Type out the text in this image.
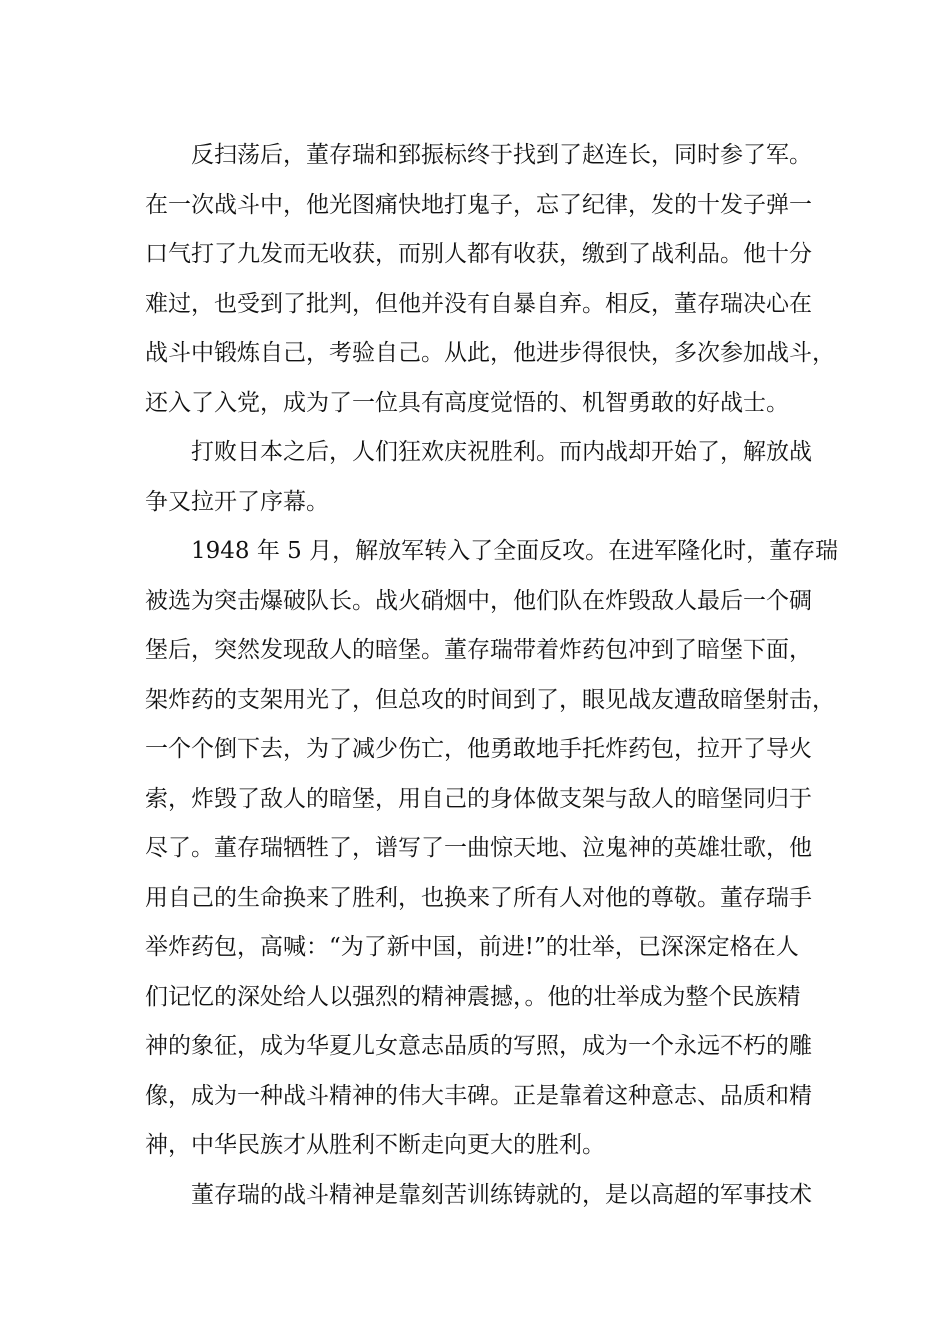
反扫荡后，董存瑞和郅振标终于找到了赵连长，同时参了军。
在一次战斗中，他光图痛快地打鬼子，忘了纪律，发的十发子弹一
口气打了九发而无收获，而别人都有收获，缴到了战利品。他十分
难过，也受到了批判，但他并没有自暴自弃。相反，董存瑞决心在
战斗中锻炼自己，考验自己。从此，他进步得很快，多次参加战斗，
还入了入党，成为了一位具有高度觉悟的、机智勇敢的好战士。
打败日本之后，人们狂欢庆祝胜利。而内战却开始了，解放战
争又拉开了序幕。
1948 年 5 月，解放军转入了全面反攻。在进军隆化时，董存瑞
被选为突击爆破队长。战火硝烟中，他们队在炸毁敌人最后一个碉
堡后，突然发现敌人的暗堡。董存瑞带着炸药包冲到了暗堡下面，
架炸药的支架用光了，但总攻的时间到了，眼见战友遭敌暗堡射击，
一个个倒下去，为了减少伤亡，他勇敢地手托炸药包，拉开了导火
索，炸毁了敌人的暗堡，用自己的身体做支架与敌人的暗堡同归于
尽了。董存瑞牺牲了，谱写了一曲惊天地、泣鬼神的英雄壮歌，他
用自己的生命换来了胜利，也换来了所有人对他的尊敬。董存瑞手
举炸药包，高喊：“为了新中国，前进!”的壮举，已深深定格在人
们记忆的深处给人以强烈的精神震撼，。他的壮举成为整个民族精
神的象征，成为华夏儿女意志品质的写照，成为一个永远不朽的雕
像，成为一种战斗精神的伟大丰碑。正是靠着这种意志、品质和精
神，中华民族才从胜利不断走向更大的胜利。
董存瑞的战斗精神是靠刻苦训练铸就的，是以高超的军事技术
